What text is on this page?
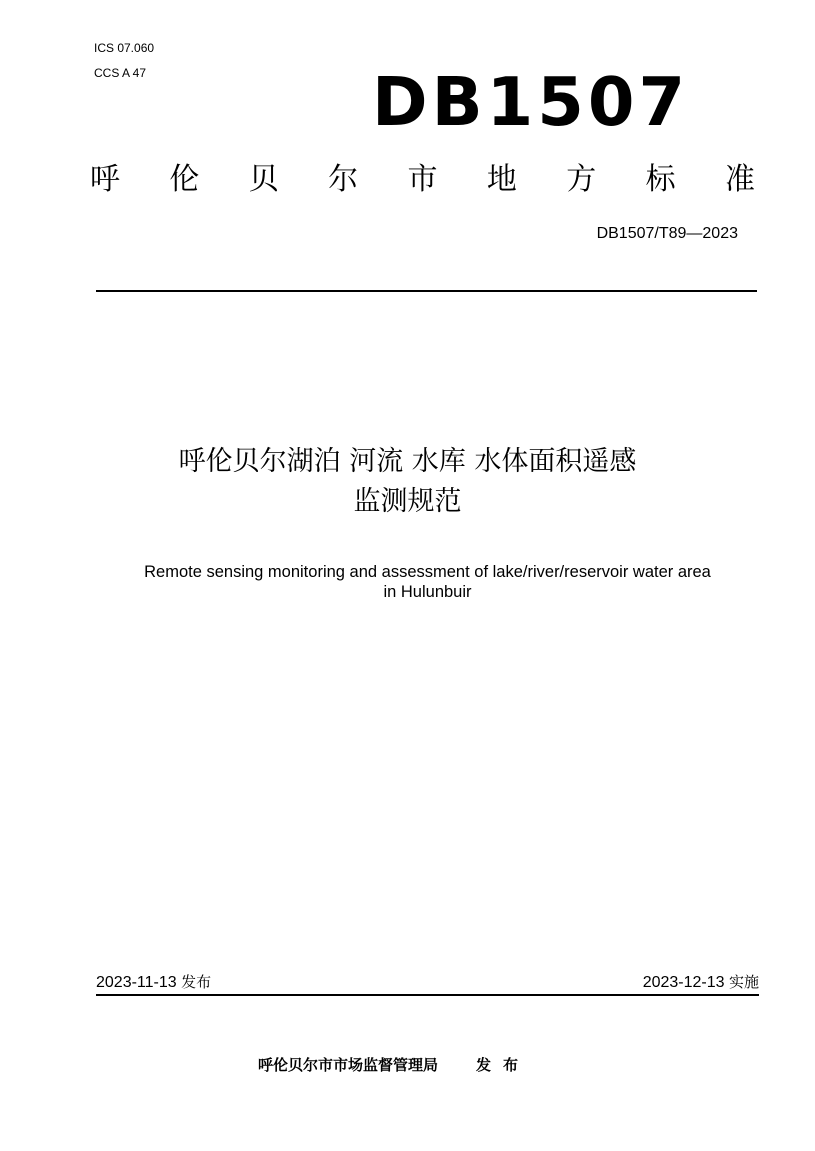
ICS 07.060
CCS A 47	DB1507
呼 伦 贝 尔 市 地 方 标 准
DB1507/T89—2023
呼伦贝尔湖泊 河流 水库 水体面积遥感
监测规范
Remote sensing monitoring and assessment of lake/river/reservoir water area
in Hulunbuir
2023-11-13 发布	2023-12-13 实施
呼伦贝尔市市场监督管理局	发布
